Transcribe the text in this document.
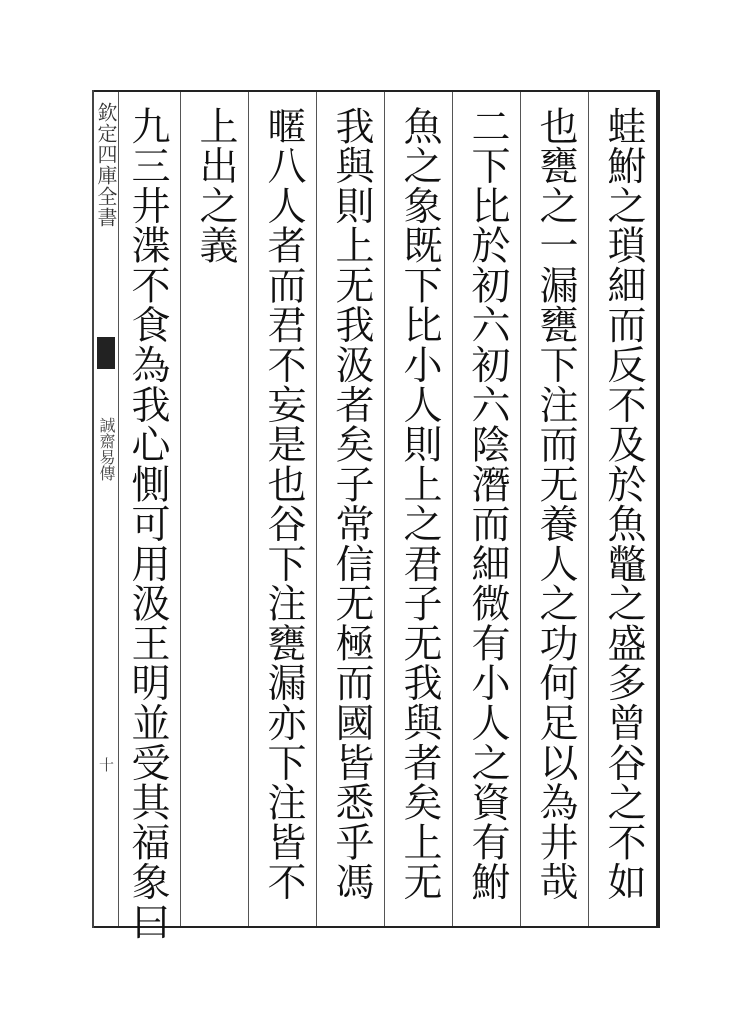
欽定四庫全書
誠齋易傳
十	蛙鮒之瑣細而反不及於魚鼈之盛多曾谷之不如
也甕之一漏甕下注而无養人之功何足以為井哉
二下比於初六初六陰潛而細微有小人之資有鮒
魚之象既下比小人則上之君子无我與者矣上无
我與則上无我汲者矣子常信无極而國皆悉乎馮
暱八人者而君不妄是也谷下注甕漏亦下注皆不
上出之義
九三井渫不食為我心惻可用汲王明並受其福象曰
